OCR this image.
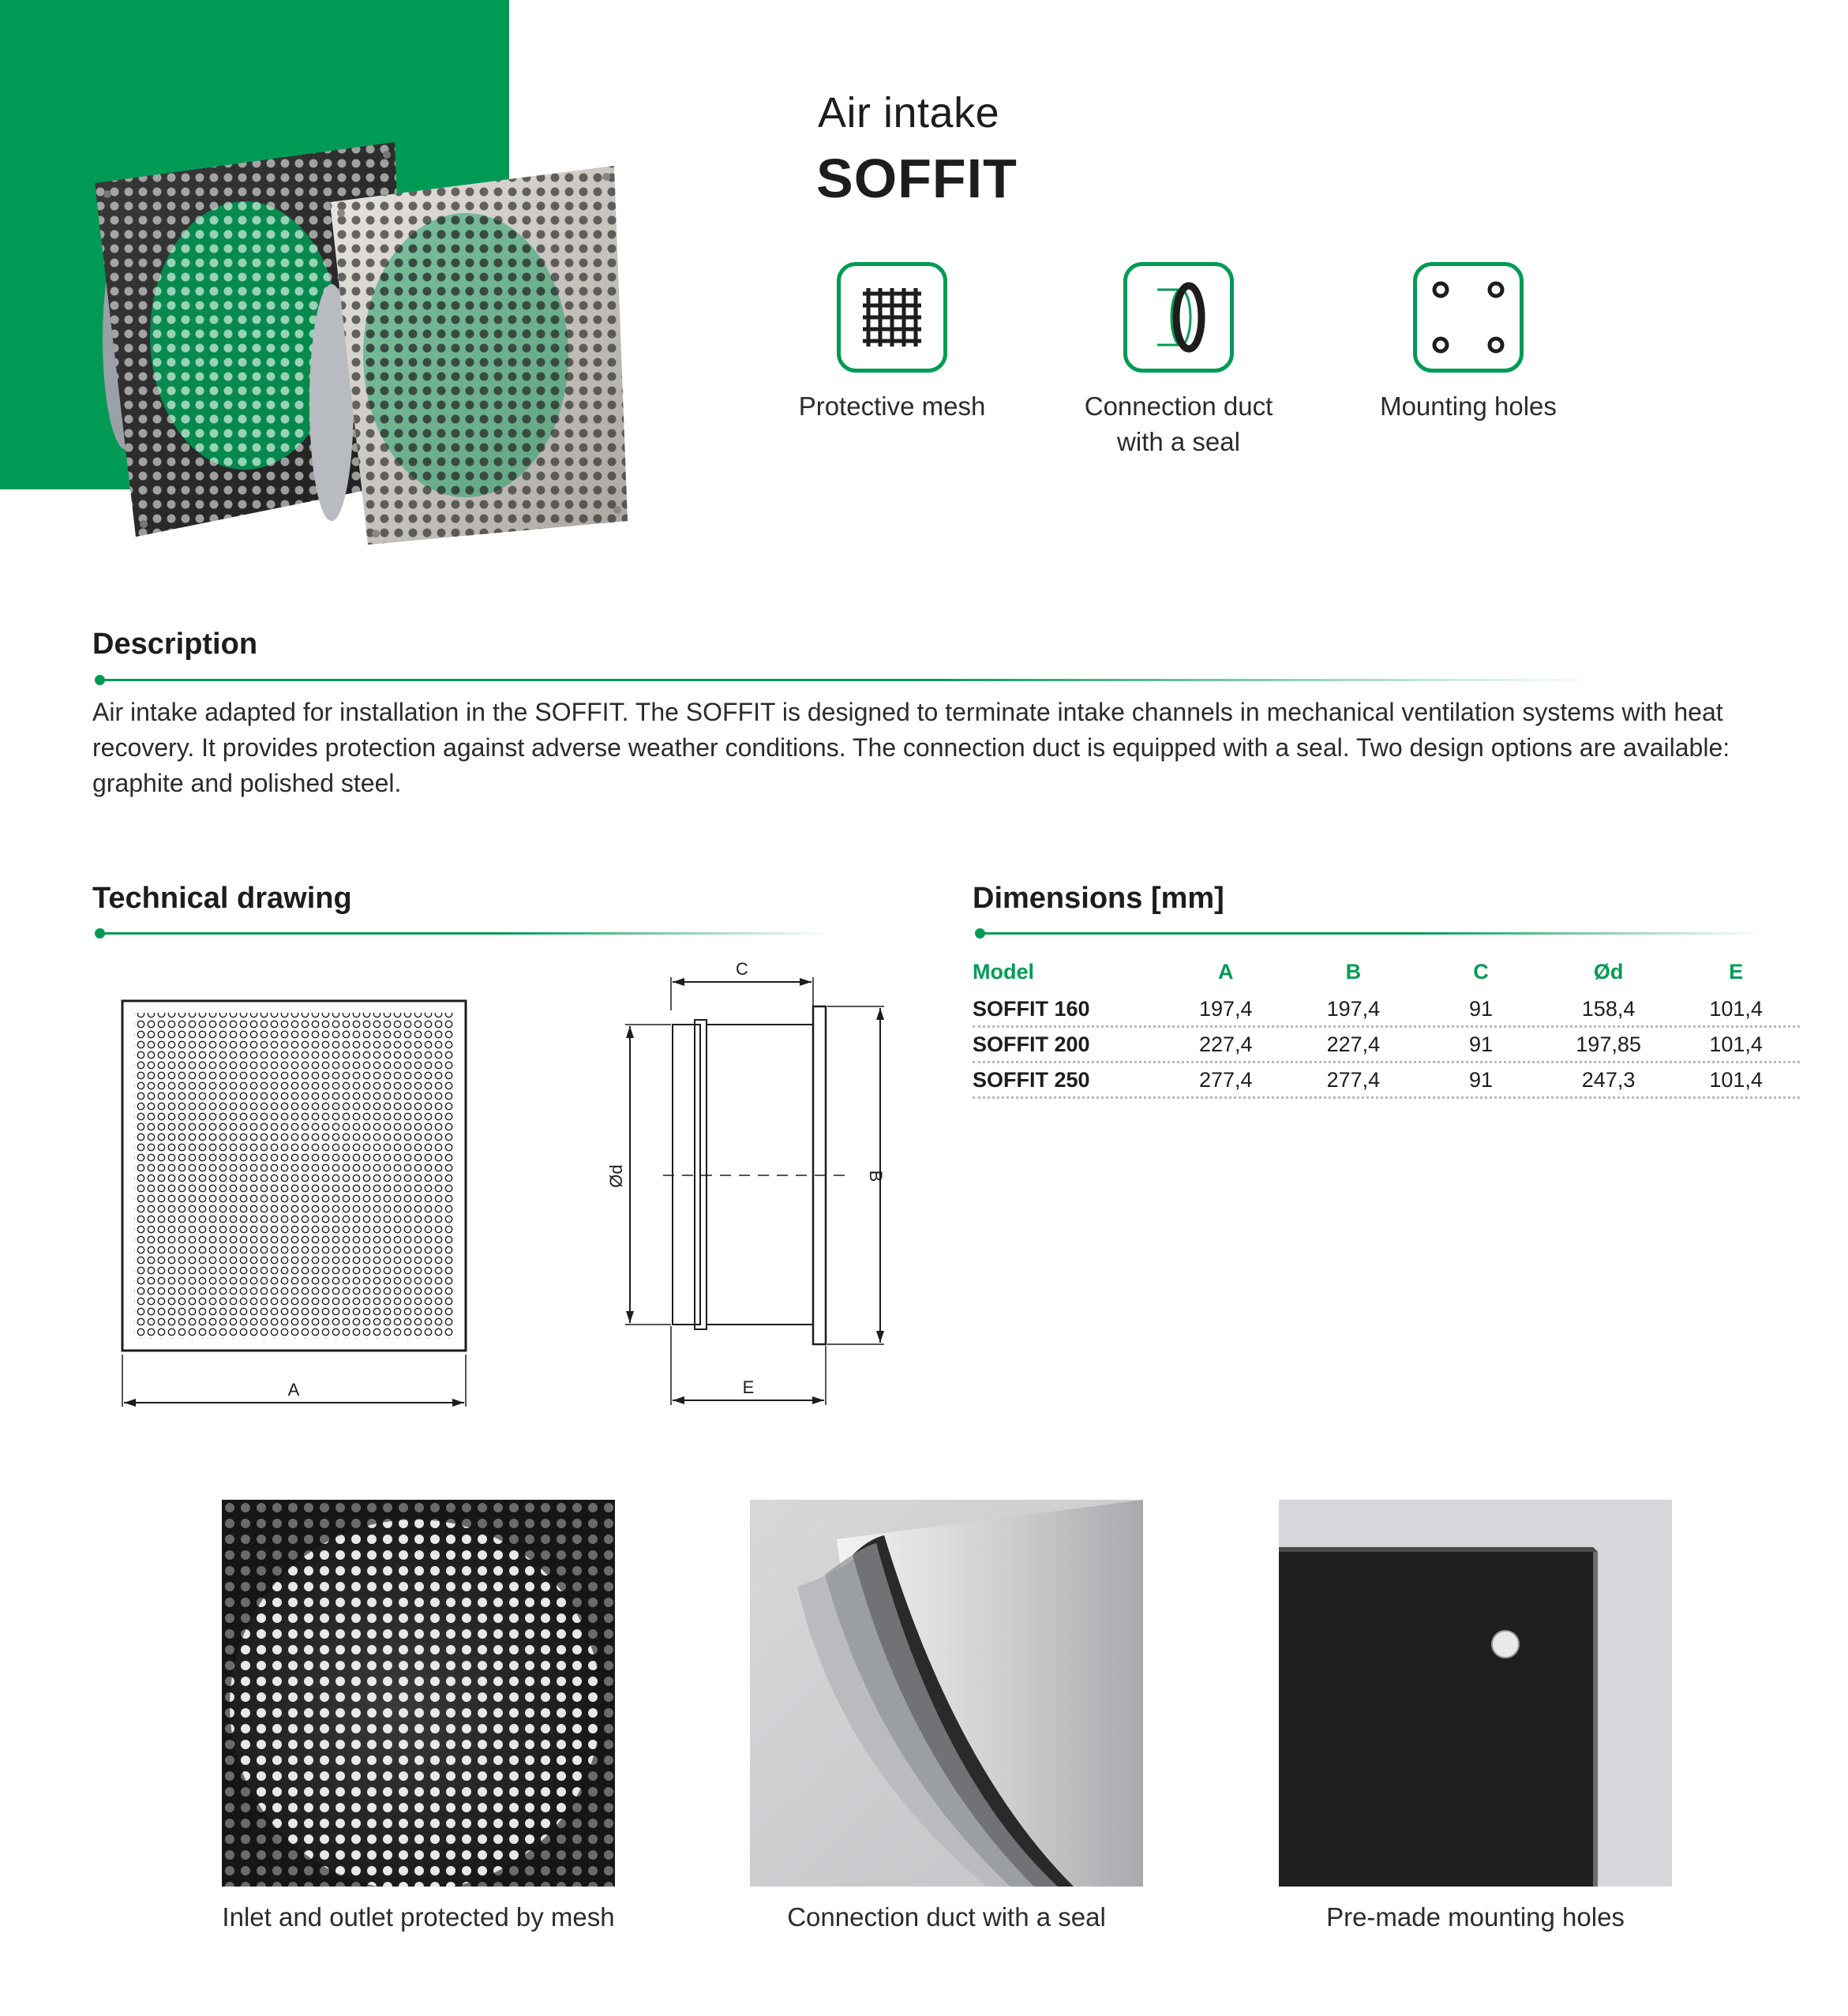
Air intake
SOFFIT
Protective mesh	Connection duct with a seal
Mounting holes
Description
Air intake adapted for installation in the SOFFIT. The SOFFIT is designed to terminate intake channels in mechanical ventilation systems with heat recovery. It provides protection against adverse weather conditions. The connection duct is equipped with a seal. Two design options are available: graphite and polished steel.
Technical drawing
A
C
Ød	B
E
Dimensions [mm]
Model	A	B	C	Ød	E
SOFFIT 160	197,4	197,4	91	158,4	101,4
SOFFIT 200	227,4	227,4	91	197,85	101,4
SOFFIT 250	277,4	277,4	91	247,3	101,4
Inlet and outlet protected by mesh	Connection duct with a seal	Pre-made mounting holes
